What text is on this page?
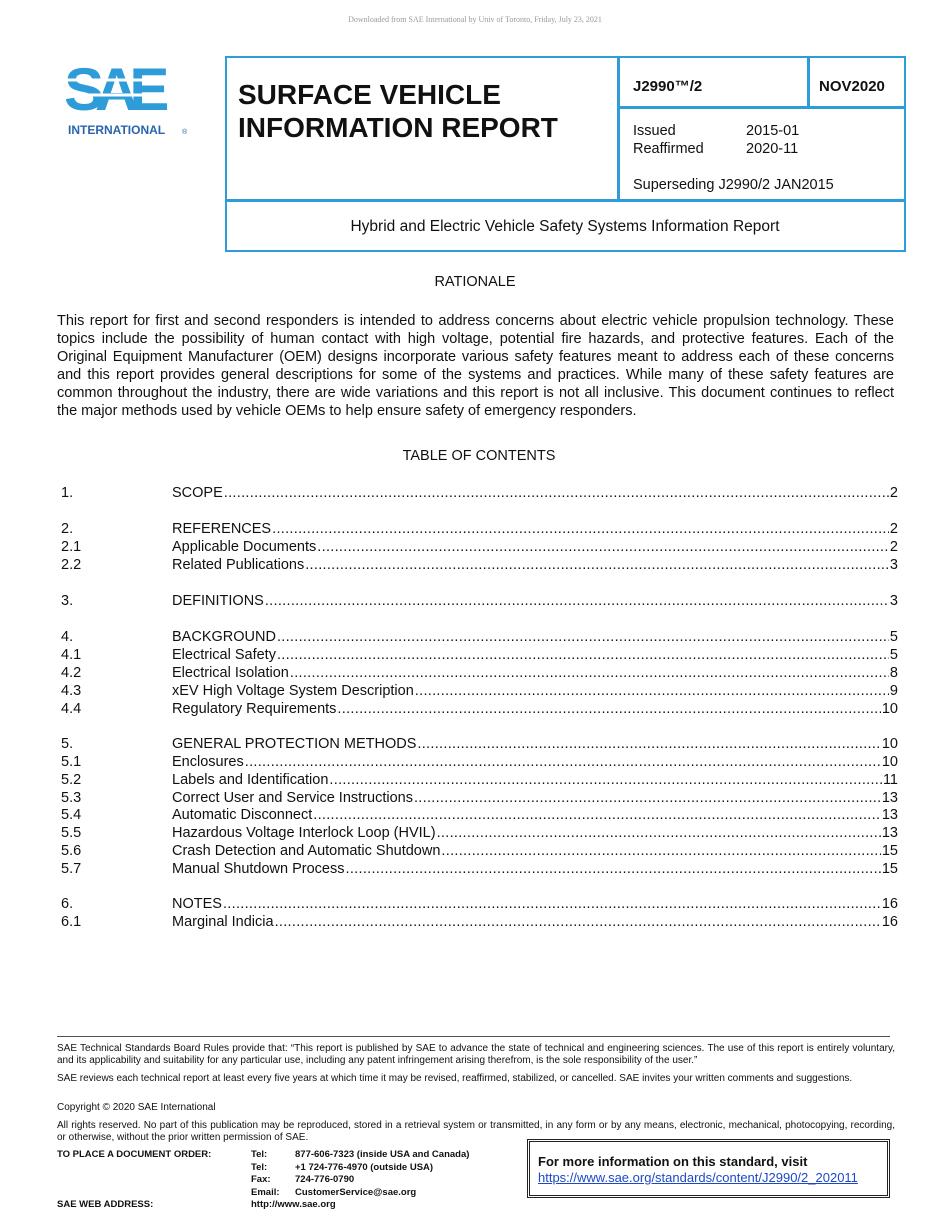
Downloaded from SAE International by Univ of Toronto, Friday, July 23, 2021
SAE
INTERNATIONAL ®
SURFACE VEHICLE
INFORMATION REPORT
J2990™/2	NOV2020
Issued	2015-01
Reaffirmed	2020-11
Superseding J2990/2 JAN2015
Hybrid and Electric Vehicle Safety Systems Information Report
RATIONALE
This report for first and second responders is intended to address concerns about electric vehicle propulsion technology. These topics include the possibility of human contact with high voltage, potential fire hazards, and protective features. Each of the Original Equipment Manufacturer (OEM) designs incorporate various safety features meant to address each of these concerns and this report provides general descriptions for some of the systems and practices. While many of these safety features are common throughout the industry, there are wide variations and this report is not all inclusive. This document continues to reflect the major methods used by vehicle OEMs to help ensure safety of emergency responders.
TABLE OF CONTENTS
1.	SCOPE .....	2
2.	REFERENCES .....	2
2.1	Applicable Documents .....	2
2.2	Related Publications .....	3
3.	DEFINITIONS .....	3
4.	BACKGROUND .....	5
4.1	Electrical Safety .....	5
4.2	Electrical Isolation .....	8
4.3	xEV High Voltage System Description .....	9
4.4	Regulatory Requirements .....	10
5.	GENERAL PROTECTION METHODS .....	10
5.1	Enclosures .....	10
5.2	Labels and Identification .....	11
5.3	Correct User and Service Instructions .....	13
5.4	Automatic Disconnect .....	13
5.5	Hazardous Voltage Interlock Loop (HVIL) .....	13
5.6	Crash Detection and Automatic Shutdown .....	15
5.7	Manual Shutdown Process .....	15
6.	NOTES .....	16
6.1	Marginal Indicia .....	16
SAE Technical Standards Board Rules provide that: “This report is published by SAE to advance the state of technical and engineering sciences. The use of this report is entirely voluntary, and its applicability and suitability for any particular use, including any patent infringement arising therefrom, is the sole responsibility of the user.”
SAE reviews each technical report at least every five years at which time it may be revised, reaffirmed, stabilized, or cancelled. SAE invites your written comments and suggestions.
Copyright © 2020 SAE International
All rights reserved. No part of this publication may be reproduced, stored in a retrieval system or transmitted, in any form or by any means, electronic, mechanical, photocopying, recording, or otherwise, without the prior written permission of SAE.
TO PLACE A DOCUMENT ORDER:	Tel:	877-606-7323 (inside USA and Canada)
Tel:	+1 724-776-4970 (outside USA)
Fax:	724-776-0790
Email: CustomerService@sae.org
SAE WEB ADDRESS:	http://www.sae.org
For more information on this standard, visit
https://www.sae.org/standards/content/J2990/2_202011
